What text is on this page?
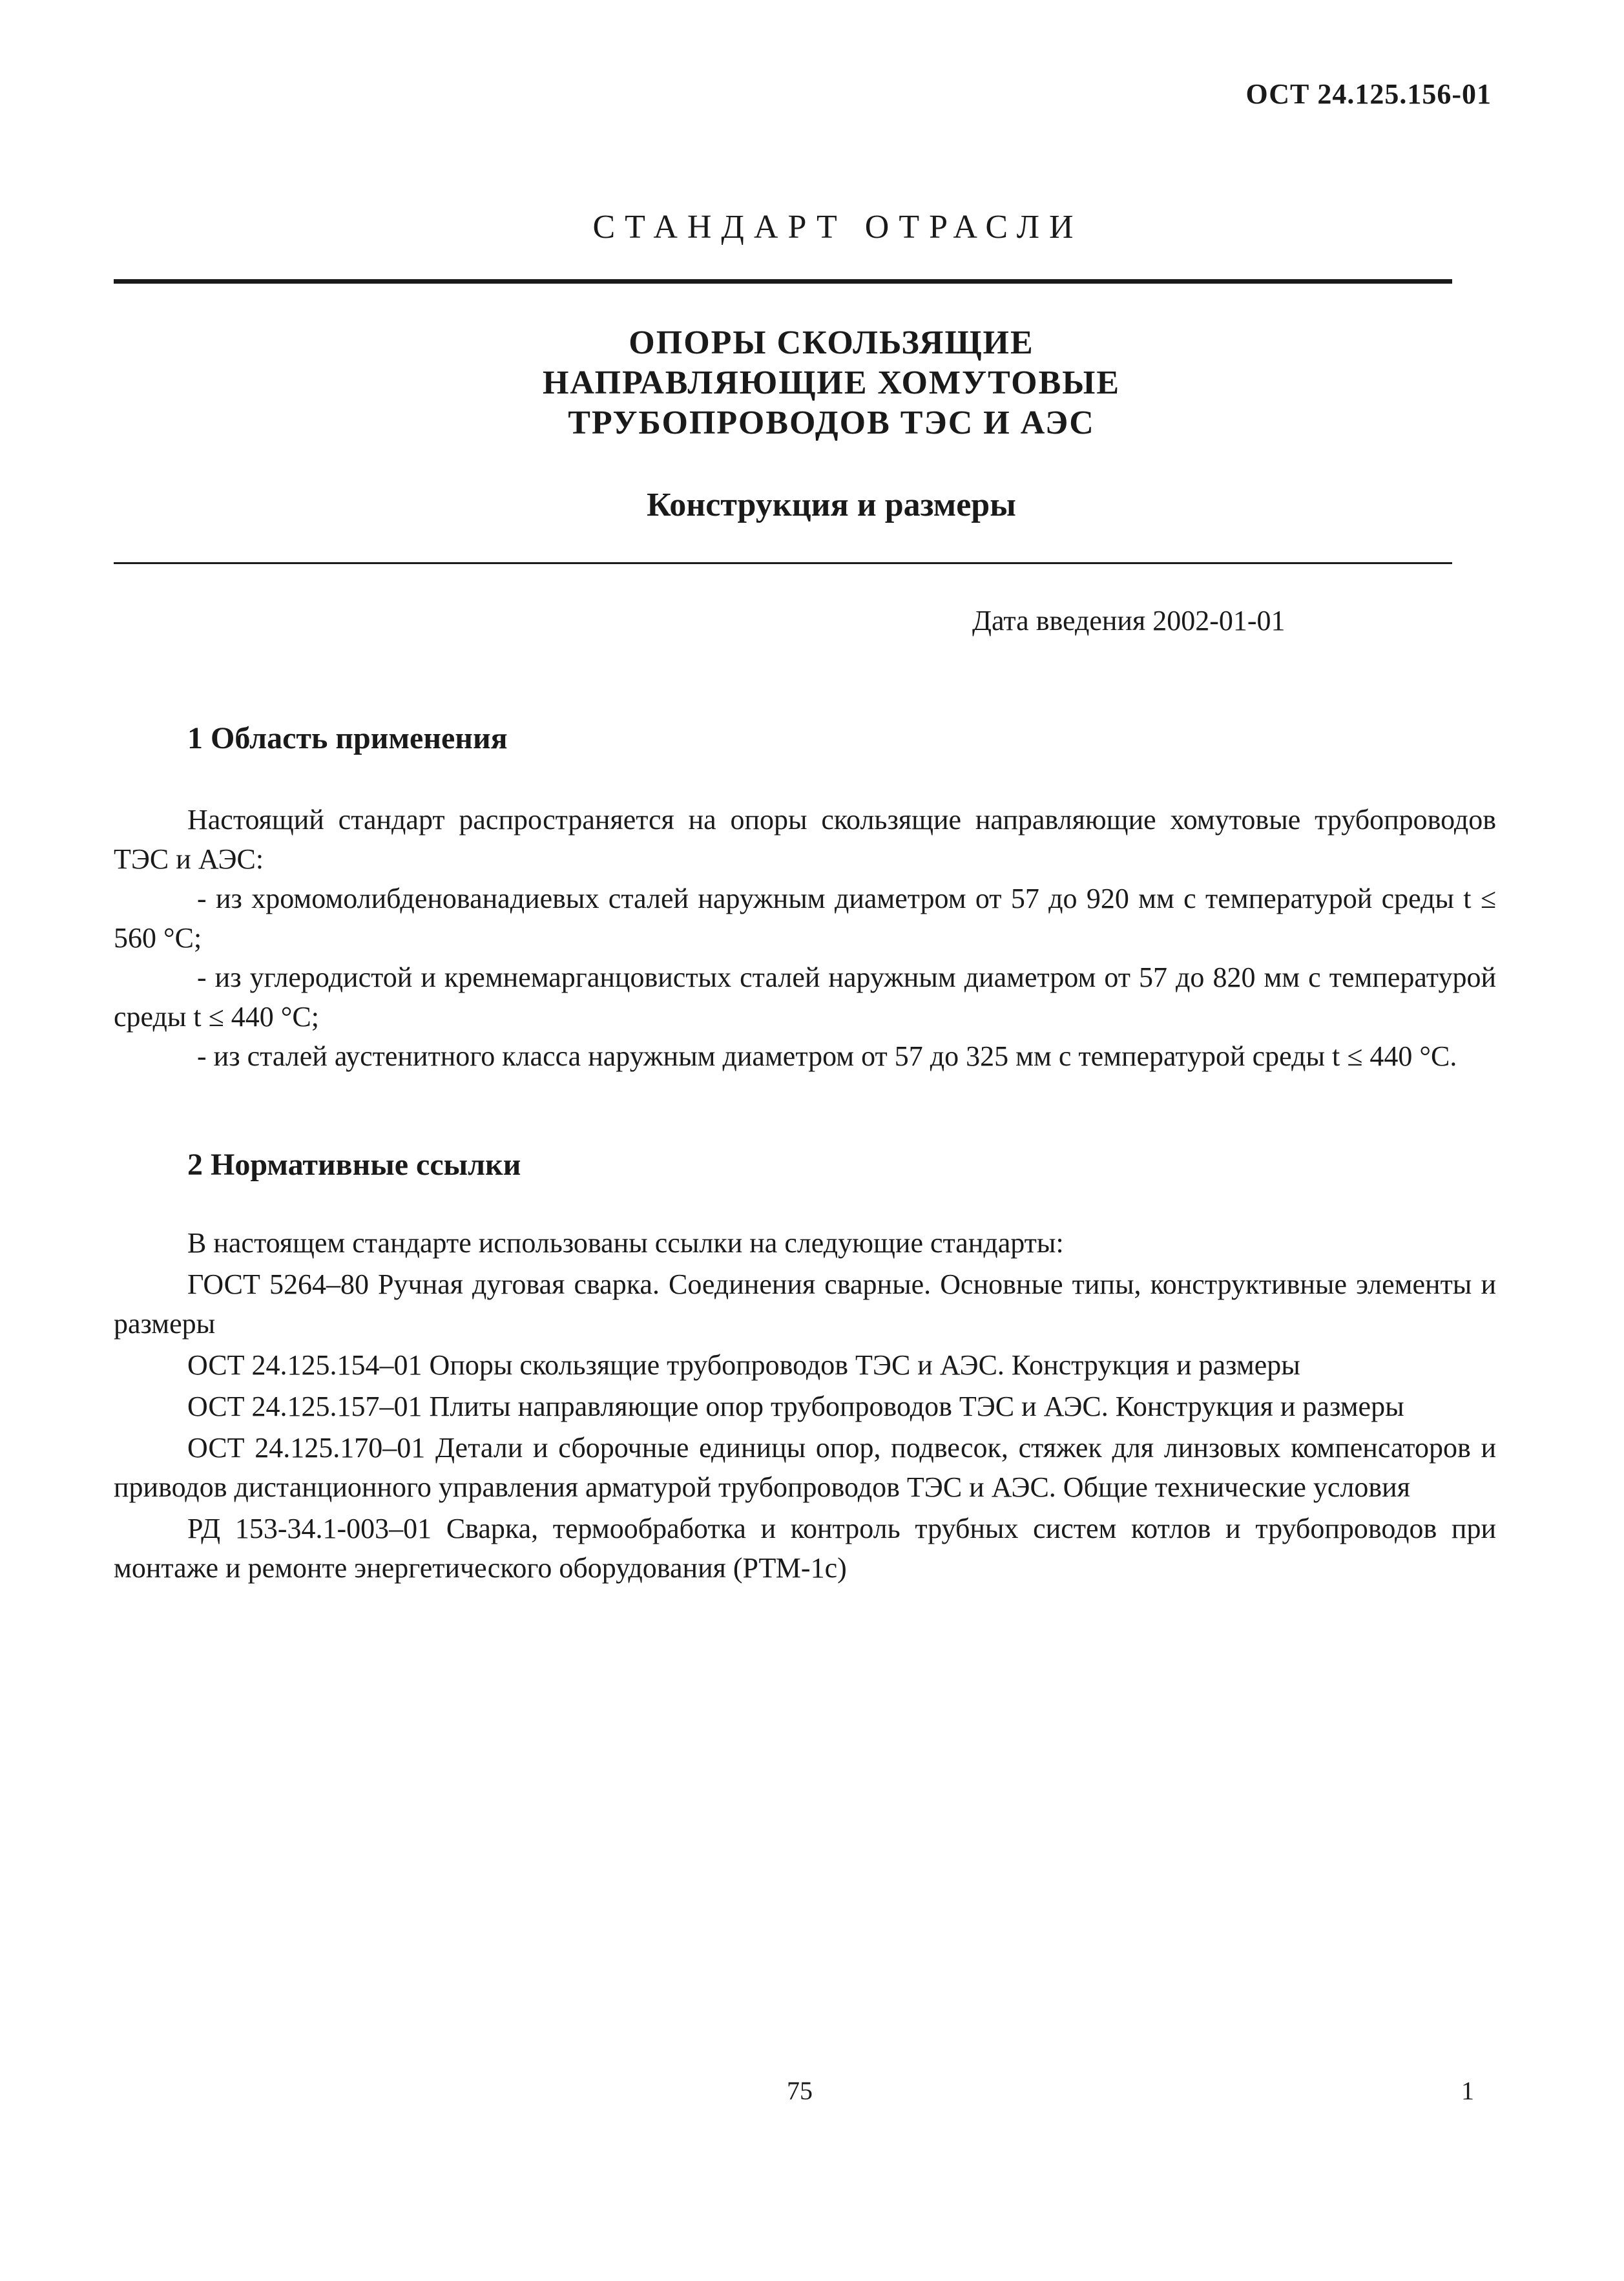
ОСТ 24.125.156-01
СТАНДАРТ ОТРАСЛИ
ОПОРЫ СКОЛЬЗЯЩИЕ
НАПРАВЛЯЮЩИЕ ХОМУТОВЫЕ
ТРУБОПРОВОДОВ ТЭС И АЭС
Конструкция и размеры
Дата введения 2002-01-01
1 Область применения

Настоящий стандарт распространяется на опоры скользящие направляющие хомутовые трубопроводов ТЭС и АЭС:

- из хромомолибденованадиевых сталей наружным диаметром от 57 до 920 мм с температурой среды t ≤ 560 °С;

- из углеродистой и кремнемарганцовистых сталей наружным диаметром от 57 до 820 мм с температурой среды t ≤ 440 °С;

- из сталей аустенитного класса наружным диаметром от 57 до 325 мм с температурой среды t ≤ 440 °С.

2 Нормативные ссылки

В настоящем стандарте использованы ссылки на следующие стандарты:

ГОСТ 5264–80 Ручная дуговая сварка. Соединения сварные. Основные типы, конструктивные элементы и размеры

ОСТ 24.125.154–01 Опоры скользящие трубопроводов ТЭС и АЭС. Конструкция и размеры

ОСТ 24.125.157–01 Плиты направляющие опор трубопроводов ТЭС и АЭС. Конструкция и размеры

ОСТ 24.125.170–01 Детали и сборочные единицы опор, подвесок, стяжек для линзовых компенсаторов и приводов дистанционного управления арматурой трубопроводов ТЭС и АЭС. Общие технические условия

РД 153-34.1-003–01 Сварка, термообработка и контроль трубных систем котлов и трубопроводов при монтаже и ремонте энергетического оборудования (РТМ-1с)

75	1
